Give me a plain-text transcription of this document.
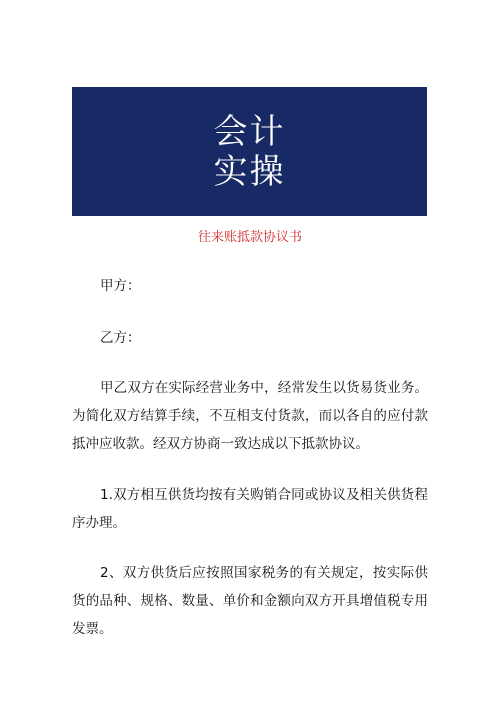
会计
实操
往来账抵款协议书
甲方：
乙方：
甲乙双方在实际经营业务中，经常发生以货易货业务。为简化双方结算手续，不互相支付货款，而以各自的应付款抵冲应收款。经双方协商一致达成以下抵款协议。
1.双方相互供货均按有关购销合同或协议及相关供货程序办理。
2、双方供货后应按照国家税务的有关规定，按实际供货的品种、规格、数量、单价和金额向双方开具增值税专用发票。
